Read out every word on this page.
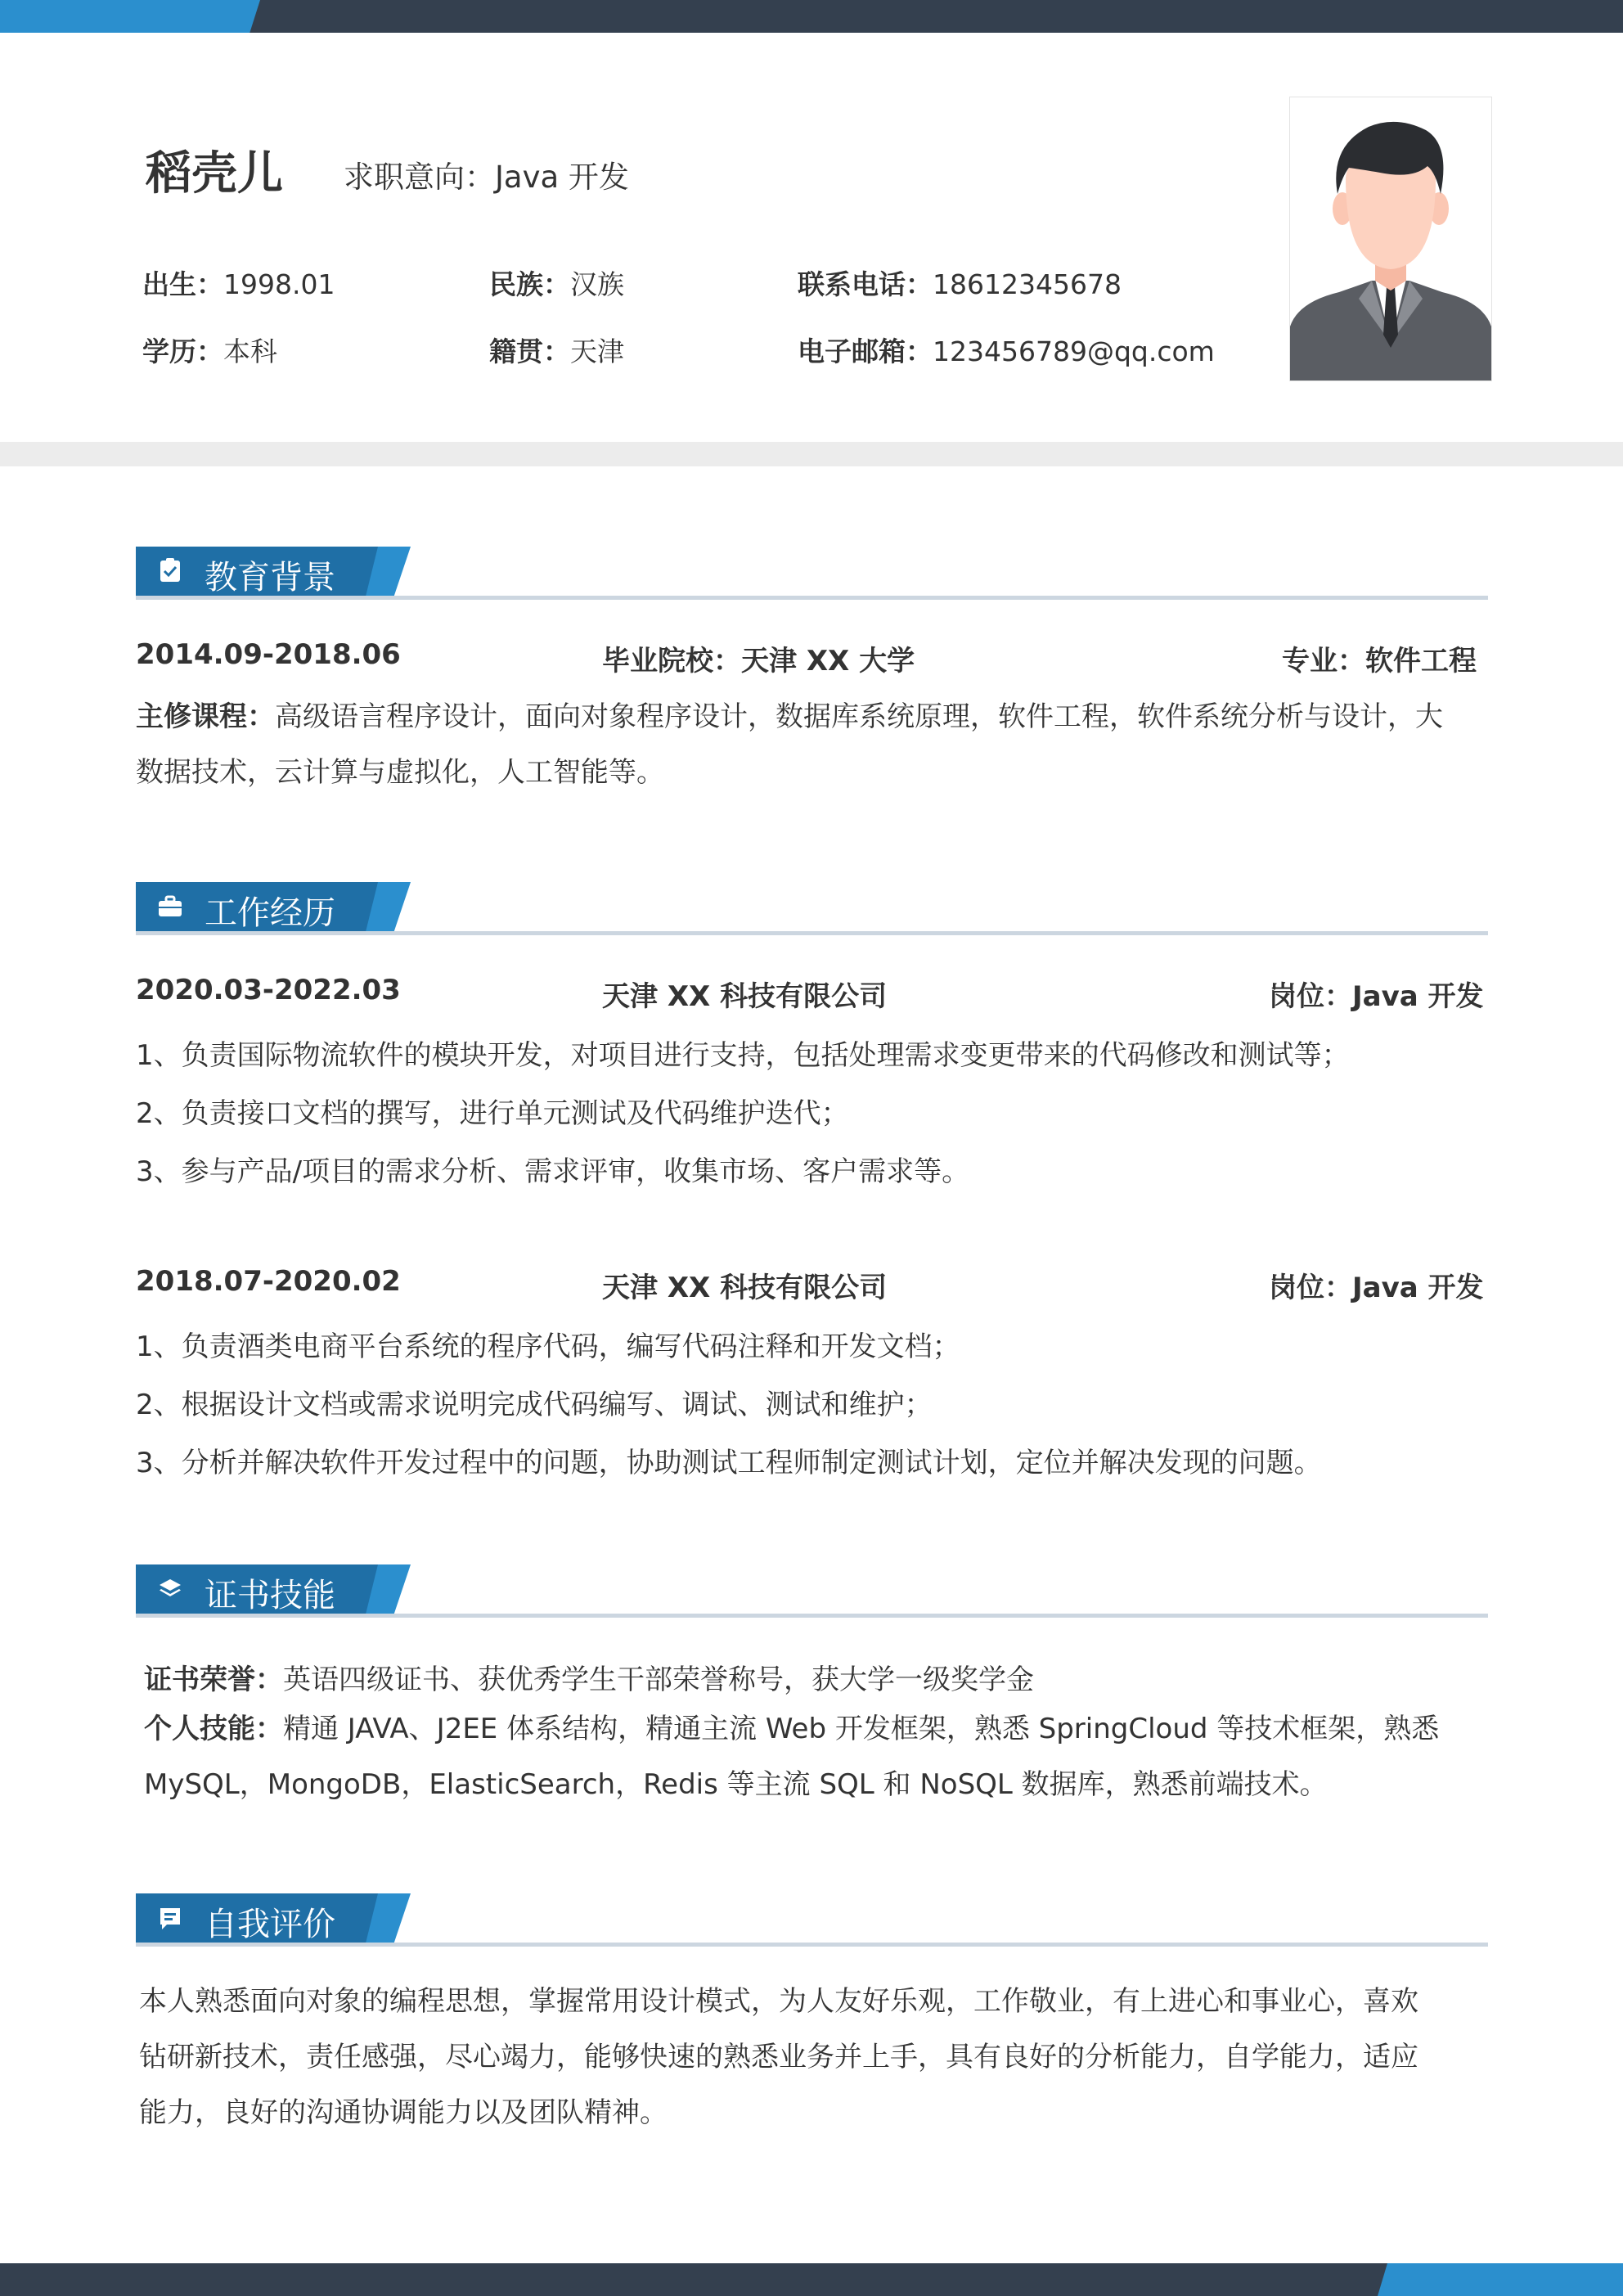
稻壳儿 求职意向：Java 开发
出生：1998.01	民族：汉族	联系电话：18612345678
学历：本科	籍贯：天津	电子邮箱：123456789@qq.com
教育背景
2014.09-2018.06	毕业院校：天津 XX 大学	专业：软件工程
主修课程：高级语言程序设计，面向对象程序设计，数据库系统原理，软件工程，软件系统分析与设计，大
数据技术，云计算与虚拟化，人工智能等。
工作经历
2020.03-2022.03	天津 XX 科技有限公司	岗位：Java 开发
1、负责国际物流软件的模块开发，对项目进行支持，包括处理需求变更带来的代码修改和测试等；
2、负责接口文档的撰写，进行单元测试及代码维护迭代；
3、参与产品/项目的需求分析、需求评审，收集市场、客户需求等。
2018.07-2020.02	天津 XX 科技有限公司	岗位：Java 开发
1、负责酒类电商平台系统的程序代码，编写代码注释和开发文档；
2、根据设计文档或需求说明完成代码编写、调试、测试和维护；
3、分析并解决软件开发过程中的问题，协助测试工程师制定测试计划，定位并解决发现的问题。
证书技能
证书荣誉：英语四级证书、获优秀学生干部荣誉称号，获大学一级奖学金
个人技能：精通 JAVA、J2EE 体系结构，精通主流 Web 开发框架，熟悉 SpringCloud 等技术框架，熟悉
MySQL，MongoDB，ElasticSearch，Redis 等主流 SQL 和 NoSQL 数据库，熟悉前端技术。
自我评价
本人熟悉面向对象的编程思想，掌握常用设计模式，为人友好乐观，工作敬业，有上进心和事业心，喜欢
钻研新技术，责任感强，尽心竭力，能够快速的熟悉业务并上手，具有良好的分析能力，自学能力，适应
能力，良好的沟通协调能力以及团队精神。
